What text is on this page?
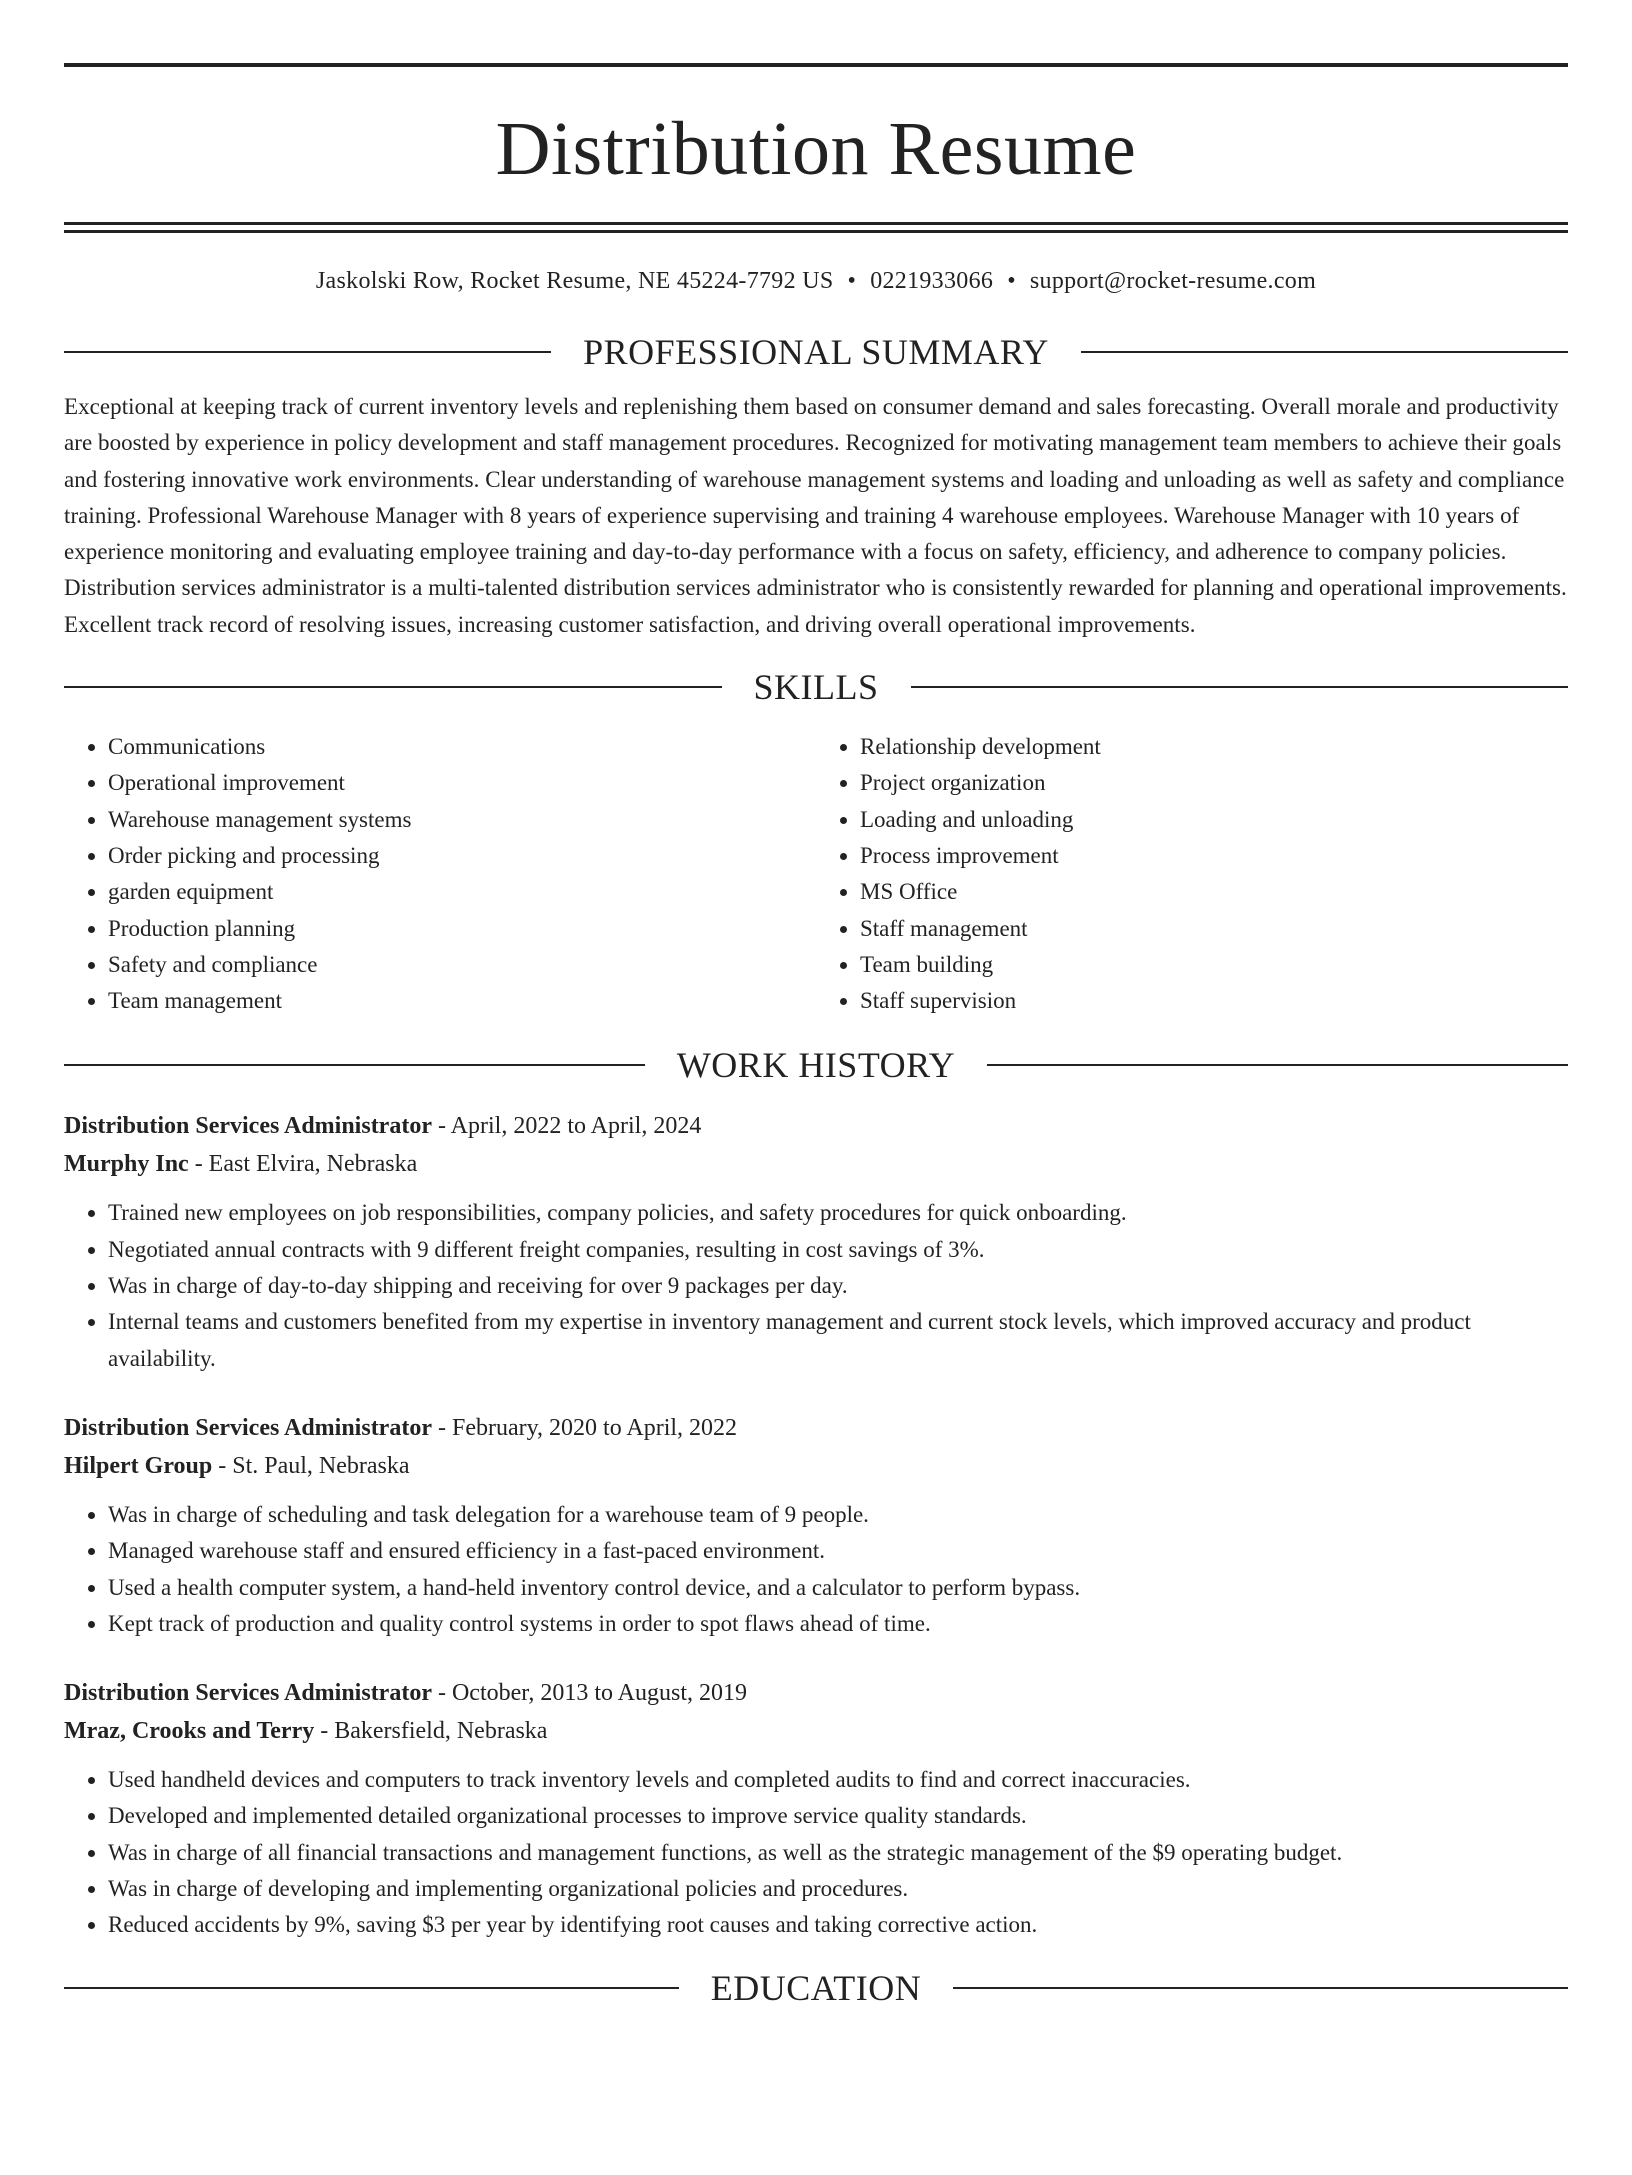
Distribution Resume
Jaskolski Row, Rocket Resume, NE 45224-7792 US • 0221933066 • support@rocket-resume.com
PROFESSIONAL SUMMARY
Exceptional at keeping track of current inventory levels and replenishing them based on consumer demand and sales forecasting. Overall morale and productivity are boosted by experience in policy development and staff management procedures. Recognized for motivating management team members to achieve their goals and fostering innovative work environments. Clear understanding of warehouse management systems and loading and unloading as well as safety and compliance training. Professional Warehouse Manager with 8 years of experience supervising and training 4 warehouse employees. Warehouse Manager with 10 years of experience monitoring and evaluating employee training and day-to-day performance with a focus on safety, efficiency, and adherence to company policies. Distribution services administrator is a multi-talented distribution services administrator who is consistently rewarded for planning and operational improvements. Excellent track record of resolving issues, increasing customer satisfaction, and driving overall operational improvements.
SKILLS
• Communications
• Operational improvement
• Warehouse management systems
• Order picking and processing
• garden equipment
• Production planning
• Safety and compliance
• Team management
• Relationship development
• Project organization
• Loading and unloading
• Process improvement
• MS Office
• Staff management
• Team building
• Staff supervision
WORK HISTORY
Distribution Services Administrator - April, 2022 to April, 2024
Murphy Inc - East Elvira, Nebraska
• Trained new employees on job responsibilities, company policies, and safety procedures for quick onboarding.
• Negotiated annual contracts with 9 different freight companies, resulting in cost savings of 3%.
• Was in charge of day-to-day shipping and receiving for over 9 packages per day.
• Internal teams and customers benefited from my expertise in inventory management and current stock levels, which improved accuracy and product availability.
Distribution Services Administrator - February, 2020 to April, 2022
Hilpert Group - St. Paul, Nebraska
• Was in charge of scheduling and task delegation for a warehouse team of 9 people.
• Managed warehouse staff and ensured efficiency in a fast-paced environment.
• Used a health computer system, a hand-held inventory control device, and a calculator to perform bypass.
• Kept track of production and quality control systems in order to spot flaws ahead of time.
Distribution Services Administrator - October, 2013 to August, 2019
Mraz, Crooks and Terry - Bakersfield, Nebraska
• Used handheld devices and computers to track inventory levels and completed audits to find and correct inaccuracies.
• Developed and implemented detailed organizational processes to improve service quality standards.
• Was in charge of all financial transactions and management functions, as well as the strategic management of the $9 operating budget.
• Was in charge of developing and implementing organizational policies and procedures.
• Reduced accidents by 9%, saving $3 per year by identifying root causes and taking corrective action.
EDUCATION
